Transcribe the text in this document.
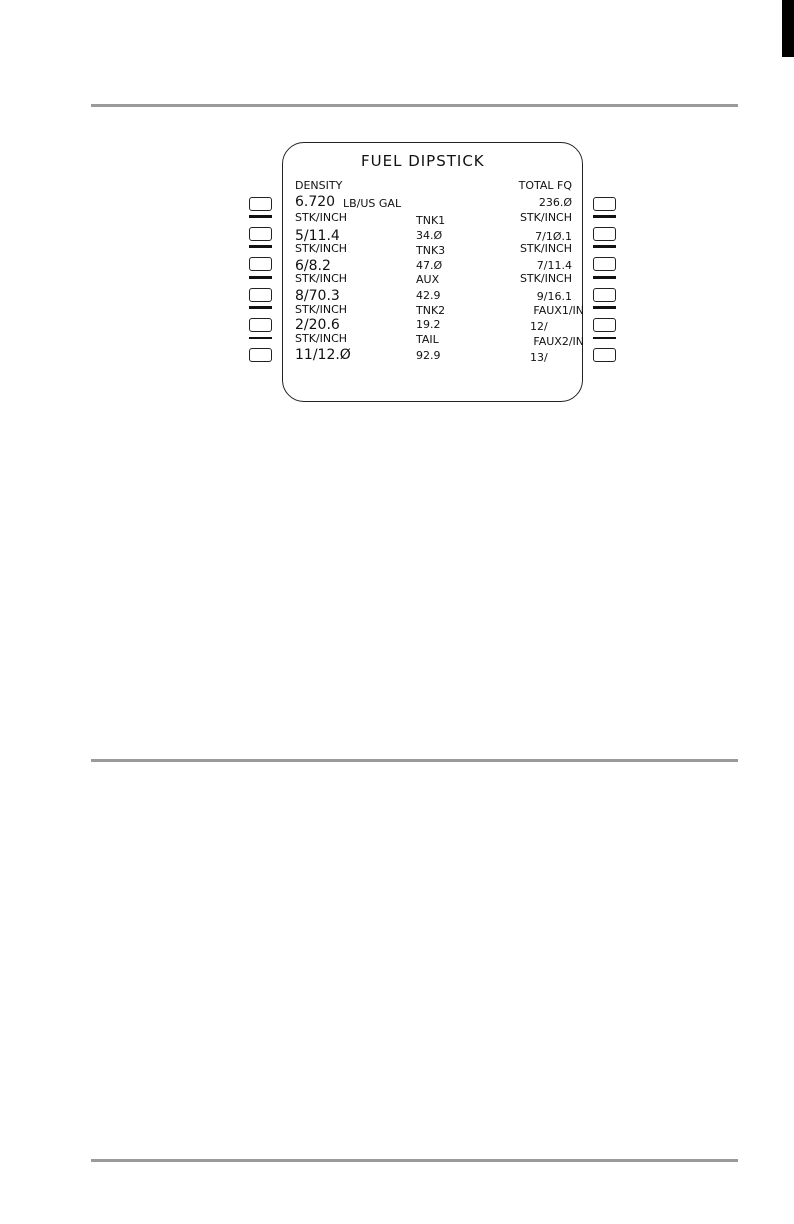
FUEL DIPSTICK
DENSITY	TOTAL FQ
6.720 LB/US GAL	236.Ø
STK/INCH	TNK1	STK/INCH
5/11.4	34.Ø	7/1Ø.1
STK/INCH	TNK3	STK/INCH
6/8.2	47.Ø	7/11.4
STK/INCH	AUX	STK/INCH
8/70.3	42.9	9/16.1
STK/INCH	TNK2	FAUX1/IN
2/20.6	19.2	12/
STK/INCH	TAIL	FAUX2/IN
11/12.Ø	92.9	13/
